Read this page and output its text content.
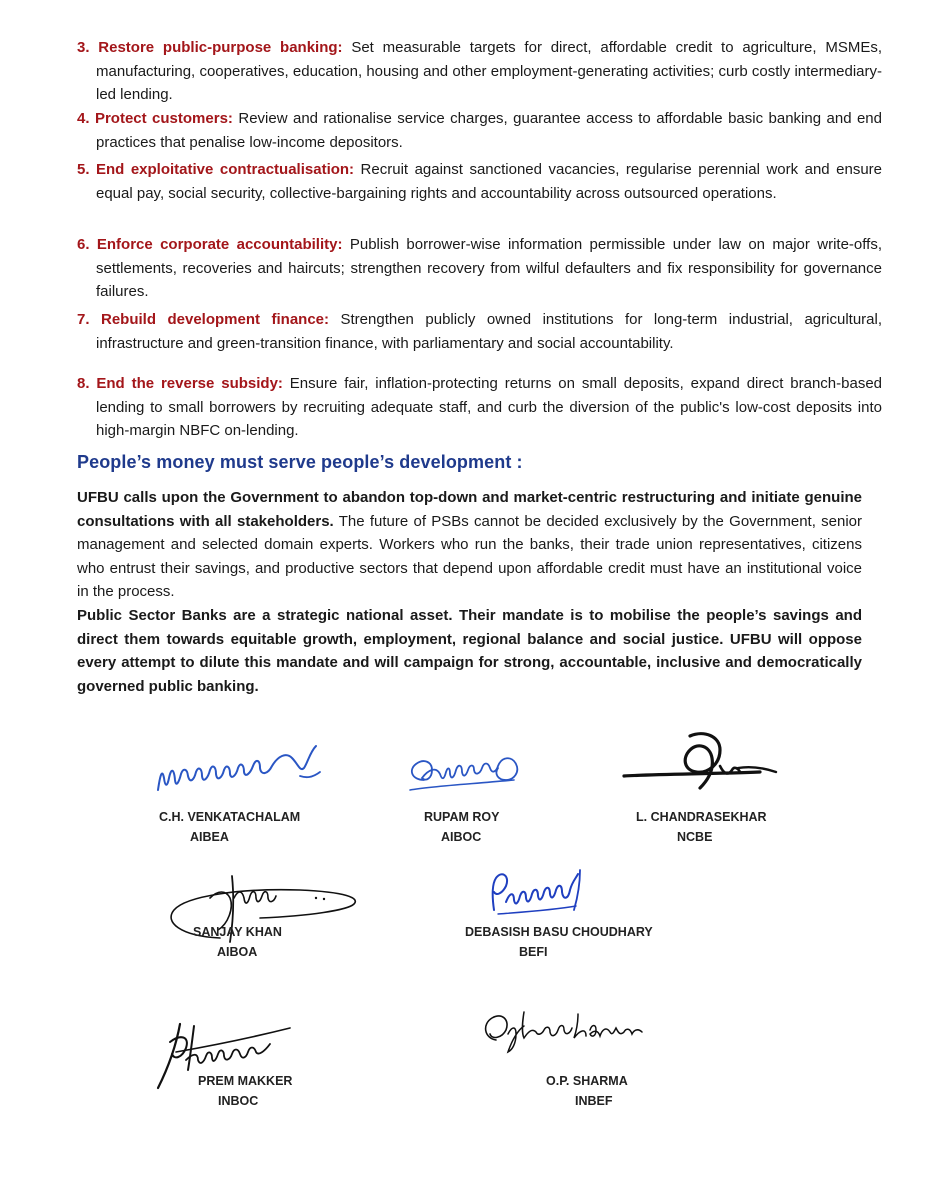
3. Restore public-purpose banking: Set measurable targets for direct, affordable credit to agriculture, MSMEs, manufacturing, cooperatives, education, housing and other employment-generating activities; curb costly intermediary-led lending.
4. Protect customers: Review and rationalise service charges, guarantee access to affordable basic banking and end practices that penalise low-income depositors.
5. End exploitative contractualisation: Recruit against sanctioned vacancies, regularise perennial work and ensure equal pay, social security, collective-bargaining rights and accountability across outsourced operations.
6. Enforce corporate accountability: Publish borrower-wise information permissible under law on major write-offs, settlements, recoveries and haircuts; strengthen recovery from wilful defaulters and fix responsibility for governance failures.
7. Rebuild development finance: Strengthen publicly owned institutions for long-term industrial, agricultural, infrastructure and green-transition finance, with parliamentary and social accountability.
8. End the reverse subsidy: Ensure fair, inflation-protecting returns on small deposits, expand direct branch-based lending to small borrowers by recruiting adequate staff, and curb the diversion of the public's low-cost deposits into high-margin NBFC on-lending.
People’s money must serve people’s development :
UFBU calls upon the Government to abandon top-down and market-centric restructuring and initiate genuine consultations with all stakeholders. The future of PSBs cannot be decided exclusively by the Government, senior management and selected domain experts. Workers who run the banks, their trade union representatives, citizens who entrust their savings, and productive sectors that depend upon affordable credit must have an institutional voice in the process.
Public Sector Banks are a strategic national asset. Their mandate is to mobilise the people’s savings and direct them towards equitable growth, employment, regional balance and social justice. UFBU will oppose every attempt to dilute this mandate and will campaign for strong, accountable, inclusive and democratically governed public banking.
C.H. VENKATACHALAM
AIBEA
RUPAM ROY
AIBOC
L. CHANDRASEKHAR
NCBE
SANJAY KHAN
AIBOA
DEBASISH BASU CHOUDHARY
BEFI
PREM MAKKER
INBOC
O.P. SHARMA
INBEF
